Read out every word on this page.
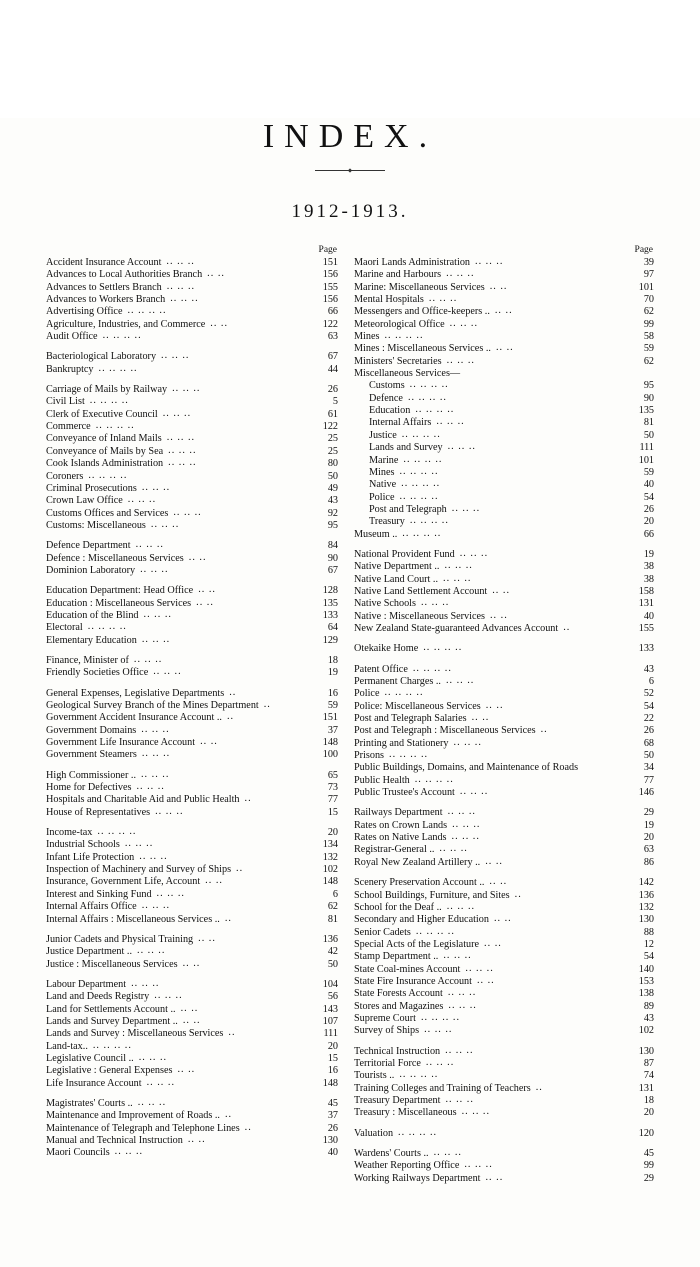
INDEX.
1912-1913.
Page
Accident Insurance Account .. .. ..	151
Advances to Local Authorities Branch .. ..	156
Advances to Settlers Branch .. .. ..	155
Advances to Workers Branch .. .. ..	156
Advertising Office .. .. .. ..	66
Agriculture, Industries, and Commerce .. ..	122
Audit Office .. .. .. ..	63
Bacteriological Laboratory .. .. ..	67
Bankruptcy .. .. .. ..	44
Carriage of Mails by Railway .. .. ..	26
Civil List .. .. .. ..	5
Clerk of Executive Council .. .. ..	61
Commerce .. .. .. ..	122
Conveyance of Inland Mails .. .. ..	25
Conveyance of Mails by Sea .. .. ..	25
Cook Islands Administration .. .. ..	80
Coroners .. .. .. ..	50
Criminal Prosecutions .. .. ..	49
Crown Law Office .. .. ..	43
Customs Offices and Services .. .. ..	92
Customs: Miscellaneous .. .. ..	95
Defence Department .. .. ..	84
Defence : Miscellaneous Services .. ..	90
Dominion Laboratory .. .. ..	67
Education Department: Head Office .. ..	128
Education : Miscellaneous Services .. ..	135
Education of the Blind .. .. ..	133
Electoral .. .. .. ..	64
Elementary Education .. .. ..	129
Finance, Minister of .. .. ..	18
Friendly Societies Office .. .. ..	19
General Expenses, Legislative Departments ..	16
Geological Survey Branch of the Mines Department ..	59
Government Accident Insurance Account .. ..	151
Government Domains .. .. ..	37
Government Life Insurance Account .. ..	148
Government Steamers .. .. ..	100
High Commissioner .. .. .. ..	65
Home for Defectives .. .. ..	73
Hospitals and Charitable Aid and Public Health ..	77
House of Representatives .. .. ..	15
Income-tax .. .. .. ..	20
Industrial Schools .. .. ..	134
Infant Life Protection .. .. ..	132
Inspection of Machinery and Survey of Ships ..	102
Insurance, Government Life, Account .. ..	148
Interest and Sinking Fund .. .. ..	6
Internal Affairs Office .. .. ..	62
Internal Affairs : Miscellaneous Services .. ..	81
Junior Cadets and Physical Training .. ..	136
Justice Department .. .. .. ..	42
Justice : Miscellaneous Services .. ..	50
Labour Department .. .. ..	104
Land and Deeds Registry .. .. ..	56
Land for Settlements Account .. .. ..	143
Lands and Survey Department .. .. ..	107
Lands and Survey : Miscellaneous Services ..	111
Land-tax.. .. .. .. ..	20
Legislative Council .. .. .. ..	15
Legislative : General Expenses .. ..	16
Life Insurance Account .. .. ..	148
Magistrates' Courts .. .. .. ..	45
Maintenance and Improvement of Roads .. ..	37
Maintenance of Telegraph and Telephone Lines ..	26
Manual and Technical Instruction .. ..	130
Maori Councils .. .. ..	40
Page
Maori Lands Administration .. .. ..	39
Marine and Harbours .. .. ..	97
Marine: Miscellaneous Services .. ..	101
Mental Hospitals .. .. ..	70
Messengers and Office-keepers .. .. ..	62
Meteorological Office .. .. ..	99
Mines .. .. .. ..	58
Mines : Miscellaneous Services .. .. ..	59
Ministers' Secretaries .. .. ..	62
Miscellaneous Services—
Customs .. .. .. ..	95
Defence .. .. .. ..	90
Education .. .. .. ..	135
Internal Affairs .. .. ..	81
Justice .. .. .. ..	50
Lands and Survey .. .. ..	111
Marine .. .. .. ..	101
Mines .. .. .. ..	59
Native .. .. .. ..	40
Police .. .. .. ..	54
Post and Telegraph .. .. ..	26
Treasury .. .. .. ..	20
Museum .. .. .. .. ..	66
National Provident Fund .. .. ..	19
Native Department .. .. .. ..	38
Native Land Court .. .. .. ..	38
Native Land Settlement Account .. ..	158
Native Schools .. .. ..	131
Native : Miscellaneous Services .. ..	40
New Zealand State-guaranteed Advances Account ..	155
Otekaike Home .. .. .. ..	133
Patent Office .. .. .. ..	43
Permanent Charges .. .. .. ..	6
Police .. .. .. ..	52
Police: Miscellaneous Services .. ..	54
Post and Telegraph Salaries .. ..	22
Post and Telegraph : Miscellaneous Services ..	26
Printing and Stationery .. .. ..	68
Prisons .. .. .. ..	50
Public Buildings, Domains, and Maintenance of Roads	34
Public Health .. .. .. ..	77
Public Trustee's Account .. .. ..	146
Railways Department .. .. ..	29
Rates on Crown Lands .. .. ..	19
Rates on Native Lands .. .. ..	20
Registrar-General .. .. .. ..	63
Royal New Zealand Artillery .. .. ..	86
Scenery Preservation Account .. .. ..	142
School Buildings, Furniture, and Sites ..	136
School for the Deaf .. .. .. ..	132
Secondary and Higher Education .. ..	130
Senior Cadets .. .. .. ..	88
Special Acts of the Legislature .. ..	12
Stamp Department .. .. .. ..	54
State Coal-mines Account .. .. ..	140
State Fire Insurance Account .. ..	153
State Forests Account .. .. ..	138
Stores and Magazines .. .. ..	89
Supreme Court .. .. .. ..	43
Survey of Ships .. .. ..	102
Technical Instruction .. .. ..	130
Territorial Force .. .. ..	87
Tourists .. .. .. .. ..	74
Training Colleges and Training of Teachers ..	131
Treasury Department .. .. ..	18
Treasury : Miscellaneous .. .. ..	20
Valuation .. .. .. ..	120
Wardens' Courts .. .. .. ..	45
Weather Reporting Office .. .. ..	99
Working Railways Department .. ..	29
